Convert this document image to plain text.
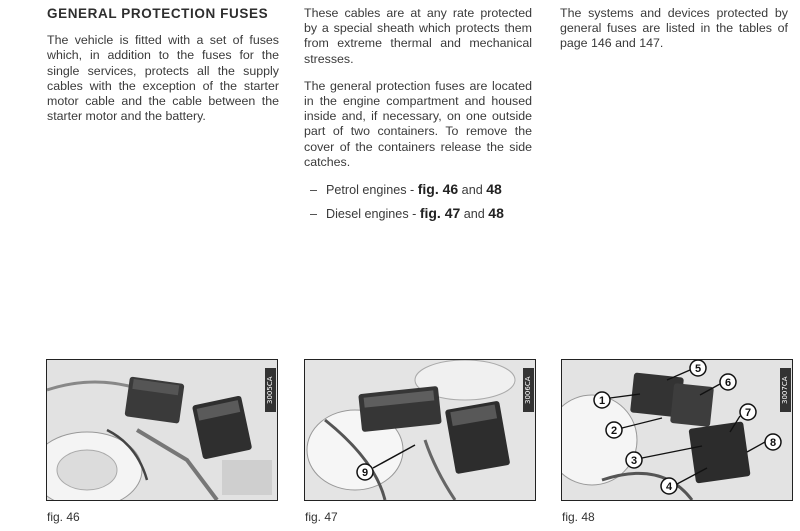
GENERAL PROTECTION FUSES

The vehicle is fitted with a set of fuses which, in addition to the fuses for the single services, protects all the supply cables with the exception of the starter motor cable and the cable between the starter motor and the battery.

These cables are at any rate protected by a special sheath which protects them from extreme thermal and mechanical stresses.

The general protection fuses are located in the engine compartment and housed inside and, if necessary, on one outside part of two containers. To remove the cover of the containers release the side catches.

– Petrol engines - fig. 46 and 48
– Diesel engines - fig. 47 and 48

The systems and devices protected by general fuses are listed in the tables of page 146 and 147.

3005CA
fig. 46
9
3006CA
fig. 47
1
2
3
4
5
6
7
8
3007CA
fig. 48
